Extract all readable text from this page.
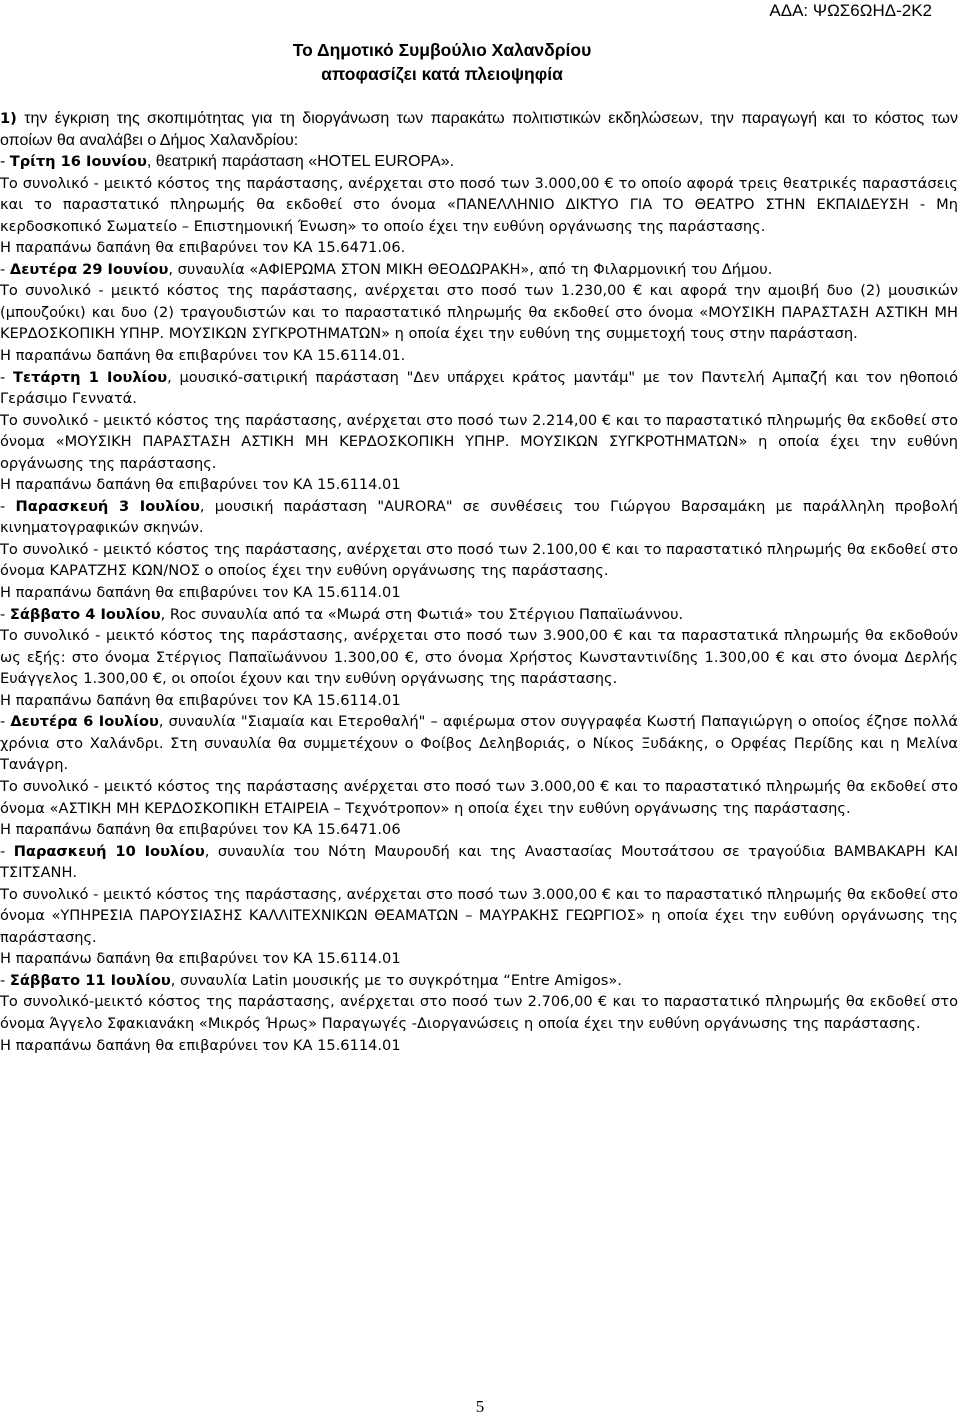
ΑΔΑ: ΨΩΣ6ΩΗΔ-2Κ2
Το Δημοτικό Συμβούλιο Χαλανδρίου
αποφασίζει κατά πλειοψηφία

1) την έγκριση της σκοπιμότητας για τη διοργάνωση των παρακάτω πολιτιστικών εκδηλώσεων, την παραγωγή και το κόστος των οποίων θα αναλάβει ο Δήμος Χαλανδρίου:

- Τρίτη 16 Ιουνίου, θεατρική παράσταση «HOTEL EUROPA».

Το συνολικό - μεικτό κόστος της παράστασης, ανέρχεται στο ποσό των 3.000,00 € το οποίο αφορά τρεις θεατρικές παραστάσεις και το παραστατικό πληρωμής θα εκδοθεί στο όνομα «ΠΑΝΕΛΛΗΝΙΟ ΔΙΚΤΥΟ ΓΙΑ ΤΟ ΘΕΑΤΡΟ ΣΤΗΝ ΕΚΠΑΙΔΕΥΣΗ - Μη κερδοσκοπικό Σωματείο – Επιστημονική Ένωση» το οποίο έχει την ευθύνη οργάνωσης της παράστασης.

Η παραπάνω δαπάνη θα επιβαρύνει τον ΚΑ 15.6471.06.

- Δευτέρα 29 Ιουνίου, συναυλία «ΑΦΙΕΡΩΜΑ ΣΤΟΝ ΜΙΚΗ ΘΕΟΔΩΡΑΚΗ», από τη Φιλαρμονική του Δήμου.

Το συνολικό - μεικτό κόστος της παράστασης, ανέρχεται στο ποσό των 1.230,00 € και αφορά την αμοιβή δυο (2) μουσικών (μπουζούκι) και δυο (2) τραγουδιστών και το παραστατικό πληρωμής θα εκδοθεί στο όνομα «ΜΟΥΣΙΚΗ ΠΑΡΑΣΤΑΣΗ ΑΣΤΙΚΗ ΜΗ ΚΕΡΔΟΣΚΟΠΙΚΗ ΥΠΗΡ. ΜΟΥΣΙΚΩΝ ΣΥΓΚΡΟΤΗΜΑΤΩΝ» η οποία έχει την ευθύνη της συμμετοχή τους στην παράσταση.

Η παραπάνω δαπάνη θα επιβαρύνει τον ΚΑ 15.6114.01.

- Τετάρτη 1 Ιουλίου, μουσικό-σατιρική παράσταση "Δεν υπάρχει κράτος μαντάμ" με τον Παντελή Αμπαζή και τον ηθοποιό Γεράσιμο Γεννατά.

Το συνολικό - μεικτό κόστος της παράστασης, ανέρχεται στο ποσό των 2.214,00 € και το παραστατικό πληρωμής θα εκδοθεί στο όνομα «ΜΟΥΣΙΚΗ ΠΑΡΑΣΤΑΣΗ ΑΣΤΙΚΗ ΜΗ ΚΕΡΔΟΣΚΟΠΙΚΗ ΥΠΗΡ. ΜΟΥΣΙΚΩΝ ΣΥΓΚΡΟΤΗΜΑΤΩΝ» η οποία έχει την ευθύνη οργάνωσης της παράστασης.

Η παραπάνω δαπάνη θα επιβαρύνει τον ΚΑ 15.6114.01

- Παρασκευή 3 Ιουλίου, μουσική παράσταση "AURORA" σε συνθέσεις του Γιώργου Βαρσαμάκη με παράλληλη προβολή κινηματογραφικών σκηνών.

Το συνολικό - μεικτό κόστος της παράστασης, ανέρχεται στο ποσό των 2.100,00 € και το παραστατικό πληρωμής θα εκδοθεί στο όνομα ΚΑΡΑΤΖΗΣ ΚΩΝ/ΝΟΣ ο οποίος έχει την ευθύνη οργάνωσης της παράστασης.

Η παραπάνω δαπάνη θα επιβαρύνει τον ΚΑ 15.6114.01

- Σάββατο 4 Ιουλίου, Roc συναυλία από τα «Μωρά στη Φωτιά» του Στέργιου Παπαϊωάννου.

Το συνολικό - μεικτό κόστος της παράστασης, ανέρχεται στο ποσό των 3.900,00 € και τα παραστατικά πληρωμής θα εκδοθούν ως εξής: στο όνομα Στέργιος Παπαϊωάννου 1.300,00 €, στο όνομα Χρήστος Κωνσταντινίδης 1.300,00 € και στο όνομα Δερλής Ευάγγελος 1.300,00 €, οι οποίοι έχουν και την ευθύνη οργάνωσης της παράστασης.

Η παραπάνω δαπάνη θα επιβαρύνει τον ΚΑ 15.6114.01

- Δευτέρα 6 Ιουλίου, συναυλία "Σιαμαία και Ετεροθαλή" – αφιέρωμα στον συγγραφέα Κωστή Παπαγιώργη ο οποίος έζησε πολλά χρόνια στο Χαλάνδρι. Στη συναυλία θα συμμετέχουν ο Φοίβος Δεληβοριάς, ο Νίκος Ξυδάκης, ο Ορφέας Περίδης και η Μελίνα Τανάγρη.

Το συνολικό - μεικτό κόστος της παράστασης ανέρχεται στο ποσό των 3.000,00 € και το παραστατικό πληρωμής θα εκδοθεί στο όνομα «ΑΣΤΙΚΗ ΜΗ ΚΕΡΔΟΣΚΟΠΙΚΗ ΕΤΑΙΡΕΙΑ – Τεχνότροπον» η οποία έχει την ευθύνη οργάνωσης της παράστασης.

Η παραπάνω δαπάνη θα επιβαρύνει τον ΚΑ 15.6471.06

- Παρασκευή 10 Ιουλίου, συναυλία του Νότη Μαυρουδή και της Αναστασίας Μουτσάτσου σε τραγούδια ΒΑΜΒΑΚΑΡΗ ΚΑΙ ΤΣΙΤΣΑΝΗ.

Το συνολικό - μεικτό κόστος της παράστασης, ανέρχεται στο ποσό των 3.000,00 € και το παραστατικό πληρωμής θα εκδοθεί στο όνομα «ΥΠΗΡΕΣΙΑ ΠΑΡΟΥΣΙΑΣΗΣ ΚΑΛΛΙΤΕΧΝΙΚΩΝ ΘΕΑΜΑΤΩΝ – ΜΑΥΡΑΚΗΣ ΓΕΩΡΓΙΟΣ» η οποία έχει την ευθύνη οργάνωσης της παράστασης.

Η παραπάνω δαπάνη θα επιβαρύνει τον ΚΑ 15.6114.01

- Σάββατο 11 Ιουλίου, συναυλία Latin μουσικής με το συγκρότημα “Entre Amigos».

Το συνολικό-μεικτό κόστος της παράστασης, ανέρχεται στο ποσό των 2.706,00 € και το παραστατικό πληρωμής θα εκδοθεί στο όνομα Άγγελο Σφακιανάκη «Μικρός Ήρως» Παραγωγές -Διοργανώσεις η οποία έχει την ευθύνη οργάνωσης της παράστασης.

Η παραπάνω δαπάνη θα επιβαρύνει τον ΚΑ 15.6114.01

5
